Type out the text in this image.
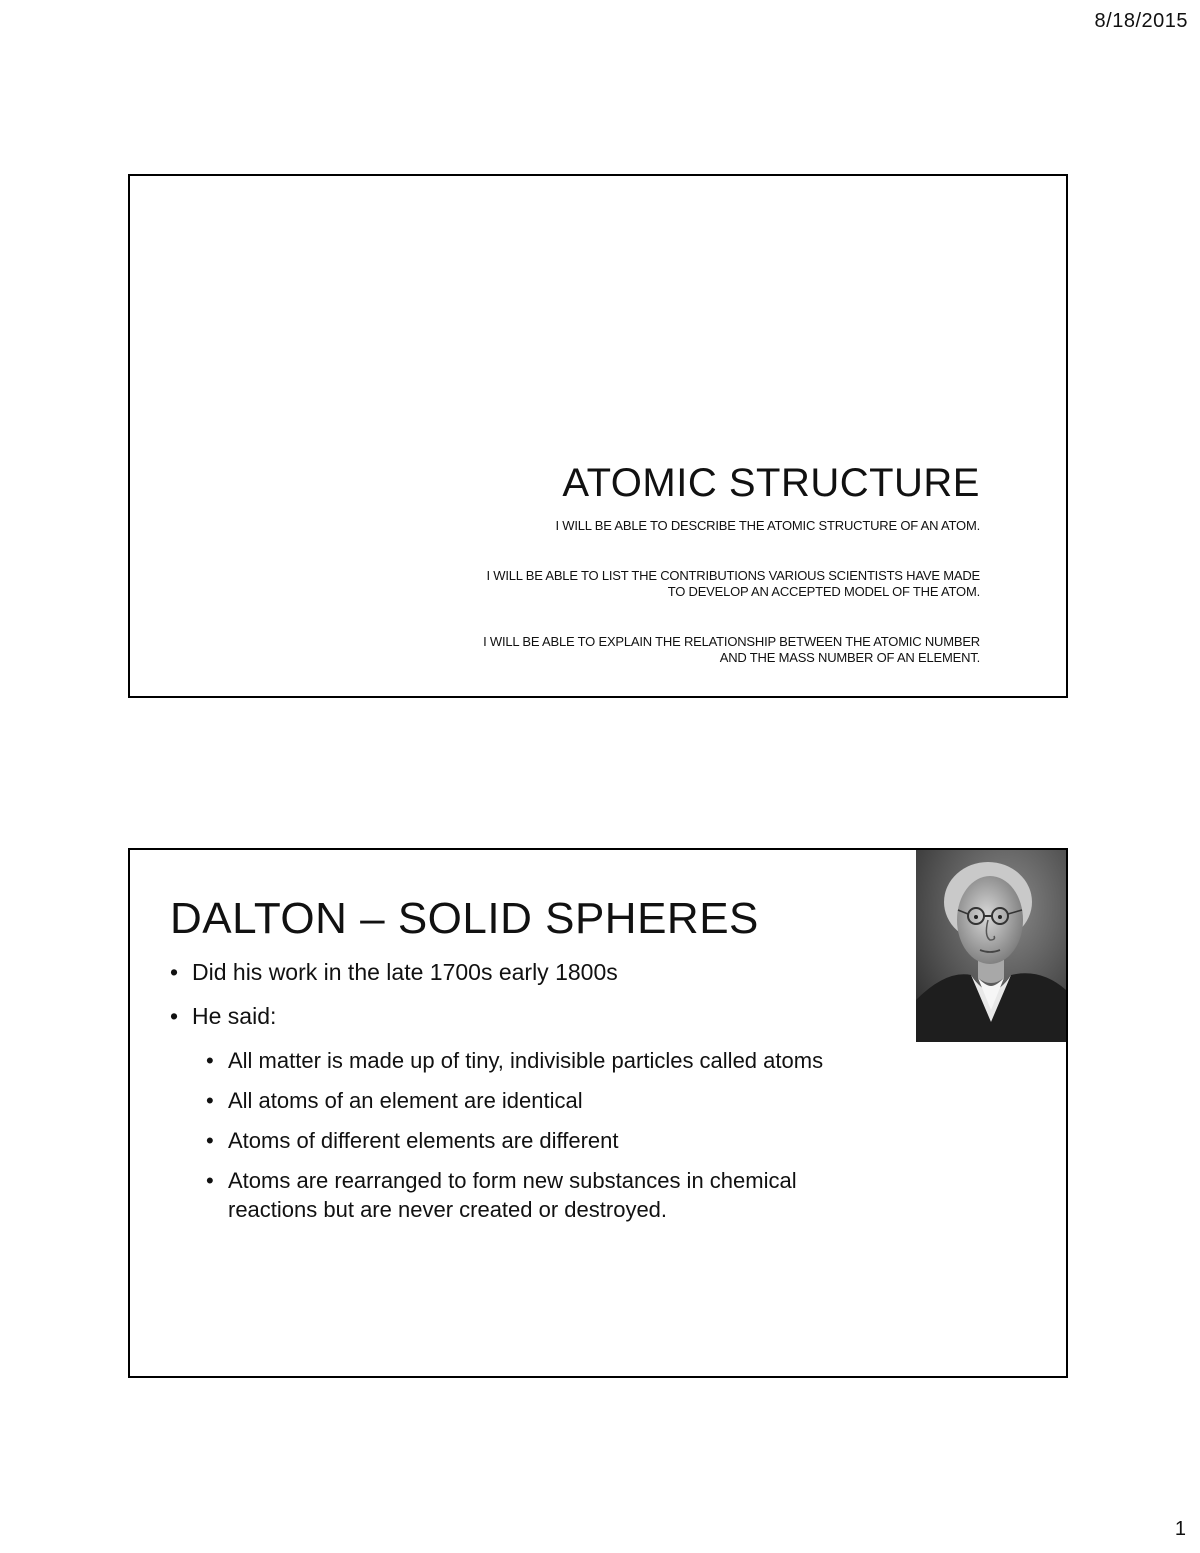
8/18/2015
ATOMIC STRUCTURE

I WILL BE ABLE TO DESCRIBE THE ATOMIC STRUCTURE OF AN ATOM.

I WILL BE ABLE TO LIST THE CONTRIBUTIONS VARIOUS SCIENTISTS HAVE MADE
TO DEVELOP AN ACCEPTED MODEL OF THE ATOM.

I WILL BE ABLE TO EXPLAIN THE RELATIONSHIP BETWEEN THE ATOMIC NUMBER
AND THE MASS NUMBER OF AN ELEMENT.

DALTON – SOLID SPHERES
• Did his work in the late 1700s early 1800s
• He said:
• All matter is made up of tiny, indivisible particles called atoms
• All atoms of an element are identical
• Atoms of different elements are different
• Atoms are rearranged to form new substances in chemical reactions but are never created or destroyed.
1
